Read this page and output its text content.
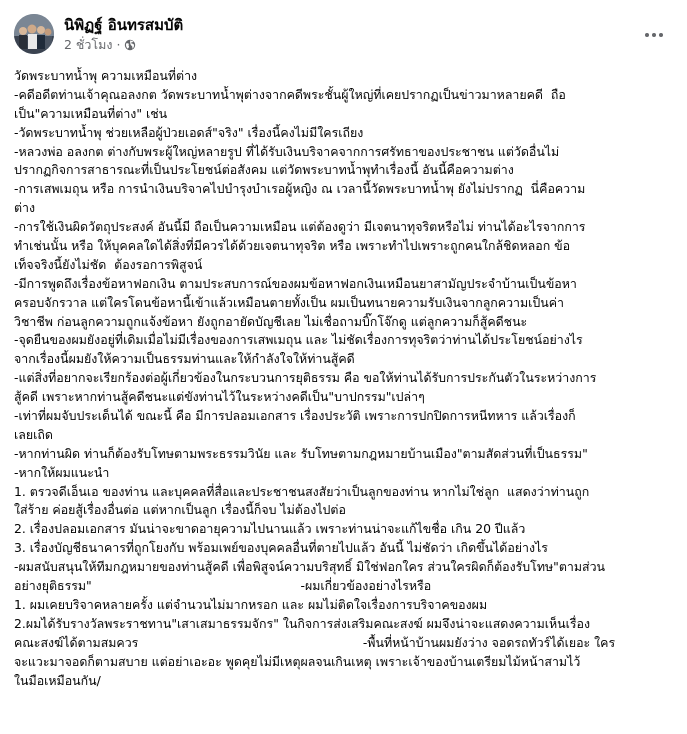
นิพิฏฐ์ อินทรสมบัติ
2 ชั่วโมง ·
วัดพระบาทน้ำพุ ความเหมือนที่ต่าง
-คดีอดีตท่านเจ้าคุณอลงกต วัดพระบาทน้ำพุต่างจากคดีพระชั้นผู้ใหญ่ที่เคยปรากฏเป็นข่าวมาหลายคดี  ถือ
เป็น"ความเหมือนที่ต่าง" เช่น
-วัดพระบาทน้ำพุ ช่วยเหลือผู้ป่วยเอดส์"จริง" เรื่องนี้คงไม่มีใครเถียง
-หลวงพ่อ อลงกต ต่างกับพระผู้ใหญ่หลายรูป ที่ได้รับเงินบริจาคจากการศรัทธาของประชาชน แต่วัดอื่นไม่
ปรากฏกิจการสาธารณะที่เป็นประโยชน์ต่อสังคม แต่วัดพระบาทน้ำพุทำเรื่องนี้ อันนี้คือความต่าง
-การเสพเมถุน หรือ การนำเงินบริจาคไปบำรุงบำเรอผู้หญิง ณ เวลานี้วัดพระบาทน้ำพุ ยังไม่ปรากฏ  นี่คือความ
ต่าง
-การใช้เงินผิดวัตถุประสงค์ อันนี้มี ถือเป็นความเหมือน แต่ต้องดูว่า มีเจตนาทุจริตหรือไม่ ท่านได้อะไรจากการ
ทำเช่นนั้น หรือ ให้บุคคลใดได้สิ่งที่มีควรได้ด้วยเจตนาทุจริต หรือ เพราะทำไปเพราะถูกคนใกล้ชิดหลอก ข้อ
เท็จจริงนี้ยังไม่ชัด  ต้องรอการพิสูจน์
-มีการพูดถึงเรื่องข้อหาฟอกเงิน ตามประสบการณ์ของผมข้อหาฟอกเงินเหมือนยาสามัญประจำบ้านเป็นข้อหา
ครอบจักรวาล แต่ใครโดนข้อหานี้เข้าแล้วเหมือนตายทั้งเป็น ผมเป็นทนายความรับเงินจากลูกความเป็นค่า
วิชาชีพ ก่อนลูกความถูกแจ้งข้อหา ยังถูกอายัดบัญชีเลย ไม่เชื่อถามบิ๊กโจ๊กดู แต่ลูกความก็สู้คดีชนะ
-จุดยืนของผมยังอยู่ที่เดิมเมื่อไม่มีเรื่องของการเสพเมถุน และ ไม่ชัดเรื่องการทุจริตว่าท่านได้ประโยชน์อย่างไร
จากเรื่องนี้ผมยังให้ความเป็นธรรมท่านและให้กำลังใจให้ท่านสู้คดี
-แต่สิ่งที่อยากจะเรียกร้องต่อผู้เกี่ยวข้องในกระบวนการยุติธรรม คือ ขอให้ท่านได้รับการประกันตัวในระหว่างการ
สู้คดี เพราะหากท่านสู้คดีชนะแต่ขังท่านไว้ในระหว่างคดีเป็น"บาปกรรม"เปล่าๆ
-เท่าที่ผมจับประเด็นได้ ขณะนี้ คือ มีการปลอมเอกสาร เรื่องประวัติ เพราะการปกปิดการหนีทหาร แล้วเรื่องก็
เลยเถิด
-หากท่านผิด ท่านก็ต้องรับโทษตามพระธรรมวินัย และ รับโทษตามกฎหมายบ้านเมือง"ตามสัดส่วนที่เป็นธรรม"
-หากให้ผมแนะนำ
1. ตรวจดีเอ็นเอ ของท่าน และบุคคลที่สื่อและประชาชนสงสัยว่าเป็นลูกของท่าน หากไม่ใช่ลูก  แสดงว่าท่านถูก
ใส่ร้าย ค่อยสู้เรื่องอื่นต่อ แต่หากเป็นลูก เรื่องนี้ก็จบ ไม่ต้องไปต่อ
2. เรื่องปลอมเอกสาร มันน่าจะขาดอายุความไปนานแล้ว เพราะท่านน่าจะแก้ไขชื่อ เกิน 20 ปีแล้ว
3. เรื่องบัญชีธนาคารที่ถูกโยงกับ พร้อมเพย์ของบุคคลอื่นที่ตายไปแล้ว อันนี้ ไม่ชัดว่า เกิดขึ้นได้อย่างไร
-ผมสนับสนุนให้ทีมกฎหมายของท่านสู้คดี เพื่อพิสูจน์ความบริสุทธิ์ มิใช่ฟอกใคร ส่วนใครผิดก็ต้องรับโทษ"ตามส่วน
อย่างยุติธรรม"                                                     -ผมเกี่ยวข้องอย่างไรหรือ
1. ผมเคยบริจาคหลายครั้ง แต่จำนวนไม่มากหรอก และ ผมไม่ติดใจเรื่องการบริจาคของผม
2.ผมได้รับรางวัลพระราชทาน"เสาเสมาธรรมจักร" ในกิจการส่งเสริมคณะสงฆ์ ผมจึงน่าจะแสดงความเห็นเรื่อง
คณะสงฆ์ได้ตามสมควร                                                         -พื้นที่หน้าบ้านผมยังว่าง จอดรถทัวร์ได้เยอะ ใคร
จะแวะมาจอดก็ตามสบาย แต่อย่าเอะอะ พูดคุยไม่มีเหตุผลจนเกินเหตุ เพราะเจ้าของบ้านเตรียมไม้หน้าสามไว้
ในมือเหมือนกัน/
